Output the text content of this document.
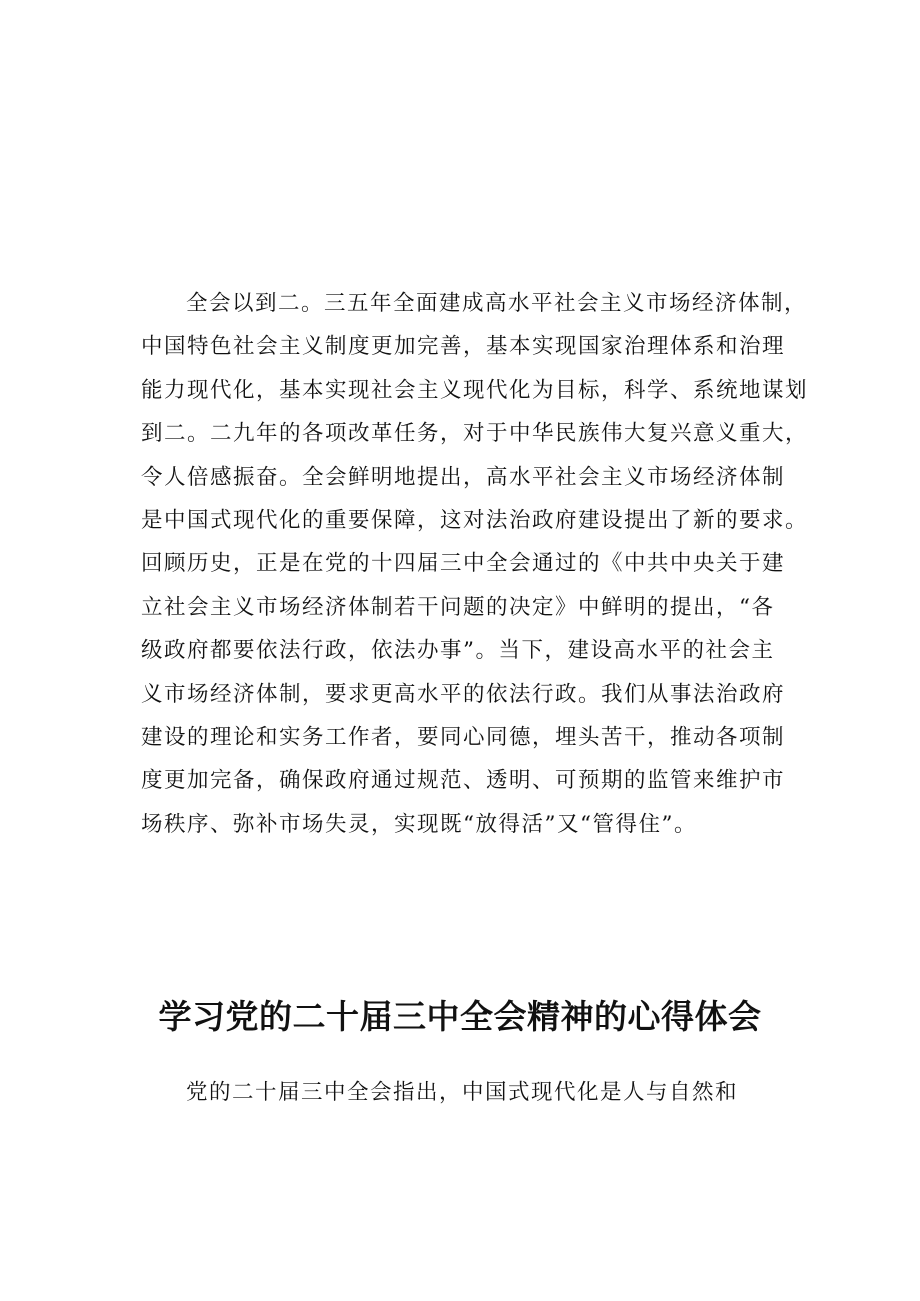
全会以到二。三五年全面建成高水平社会主义市场经济体制，
中国特色社会主义制度更加完善，基本实现国家治理体系和治理
能力现代化，基本实现社会主义现代化为目标，科学、系统地谋划
到二。二九年的各项改革任务，对于中华民族伟大复兴意义重大，
令人倍感振奋。全会鲜明地提出，高水平社会主义市场经济体制
是中国式现代化的重要保障，这对法治政府建设提出了新的要求。
回顾历史，正是在党的十四届三中全会通过的《中共中央关于建
立社会主义市场经济体制若干问题的决定》中鲜明的提出，“各
级政府都要依法行政，依法办事”。当下，建设高水平的社会主
义市场经济体制，要求更高水平的依法行政。我们从事法治政府
建设的理论和实务工作者，要同心同德，埋头苦干，推动各项制
度更加完备，确保政府通过规范、透明、可预期的监管来维护市
场秩序、弥补市场失灵，实现既“放得活”又“管得住”。
学习党的二十届三中全会精神的心得体会
党的二十届三中全会指出，中国式现代化是人与自然和
